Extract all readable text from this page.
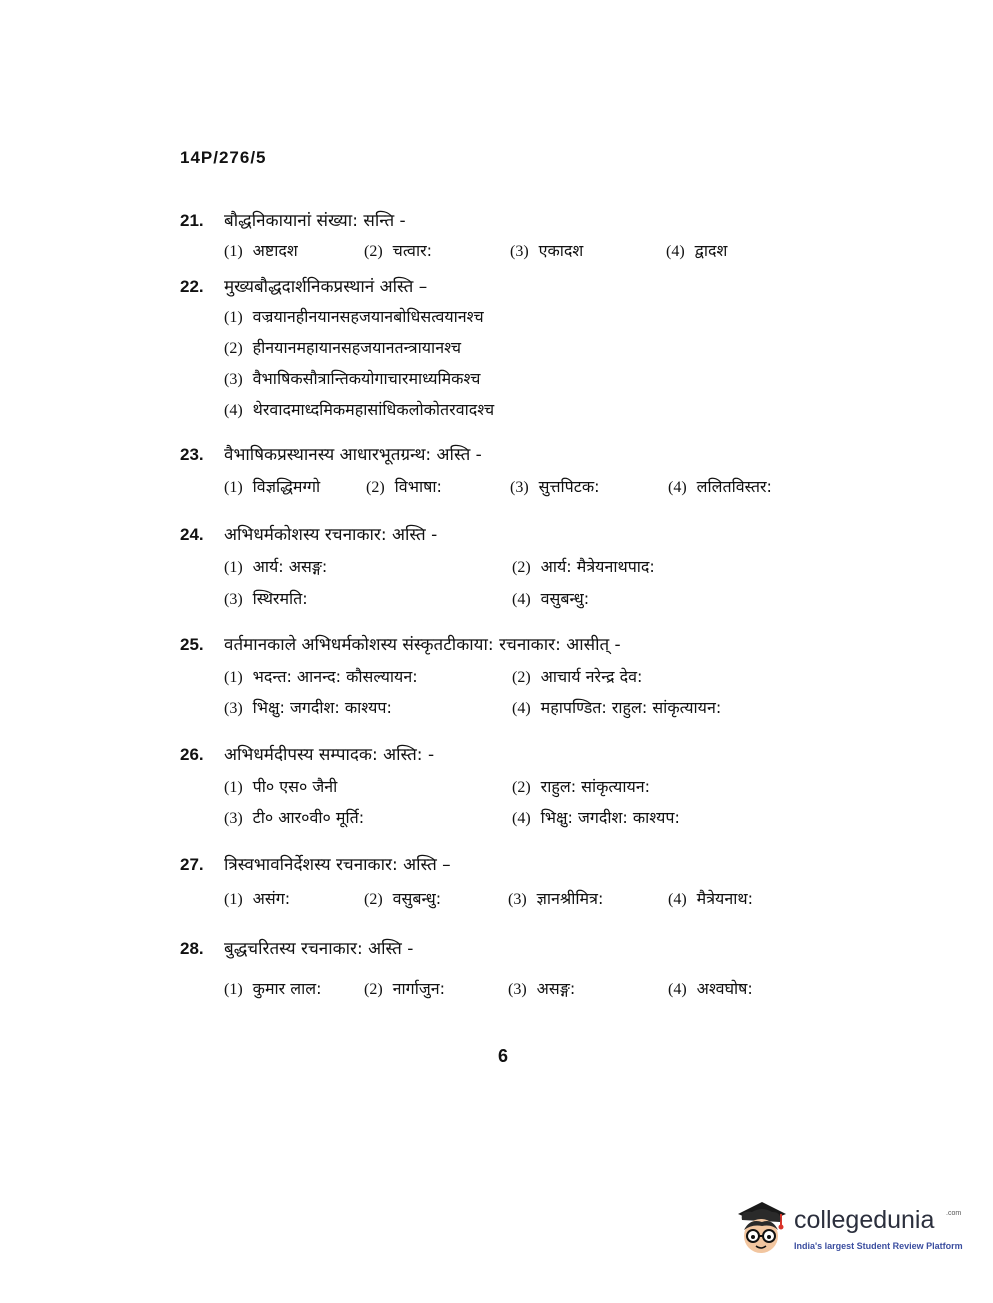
14P/276/5
21.	बौद्धनिकायानां संख्या: सन्ति -
(1) अष्टादश	(2) चत्वार:	(3) एकादश	(4) द्वादश
22.	मुख्यबौद्धदार्शनिकप्रस्थानं अस्ति –
(1) वज्रयानहीनयानसहजयानबोधिसत्वयानश्च
(2) हीनयानमहायानसहजयानतन्त्रायानश्च
(3) वैभाषिकसौत्रान्तिकयोगाचारमाध्यमिकश्च
(4) थेरवादमाध्दमिकमहासांधिकलोकोतरवादश्च
23.	वैभाषिकप्रस्थानस्य आधारभूतग्रन्थ: अस्ति -
(1) विज्ञद्धिमग्गो	(2) विभाषा:	(3) सुत्तपिटक:	(4) ललितविस्तर:
24.	अभिधर्मकोशस्य रचनाकार: अस्ति -
(1) आर्य: असङ्ग:	(2) आर्य: मैत्रेयनाथपाद:
(3) स्थिरमति:	(4) वसुबन्धु:
25.	वर्तमानकाले अभिधर्मकोशस्य संस्कृतटीकाया: रचनाकार: आसीत् -
(1) भदन्त: आनन्द: कौसल्यायन:	(2) आचार्य नरेन्द्र देव:
(3) भिक्षु: जगदीश: काश्यप:	(4) महापण्डित: राहुल: सांकृत्यायन:
26.	अभिधर्मदीपस्य सम्पादक: अस्ति: -
(1) पी० एस० जैनी	(2) राहुल: सांकृत्यायन:
(3) टी० आर०वी० मूर्ति:	(4) भिक्षु: जगदीश: काश्यप:
27.	त्रिस्वभावनिर्देशस्य रचनाकार: अस्ति –
(1) असंग:	(2) वसुबन्धु:	(3) ज्ञानश्रीमित्र:	(4) मैत्रेयनाथ:
28.	बुद्धचरितस्य रचनाकार: अस्ति -
(1) कुमार लाल:	(2) नार्गाजुन:	(3) असङ्ग:	(4) अश्वघोष:
6
collegedunia .com
India's largest Student Review Platform
